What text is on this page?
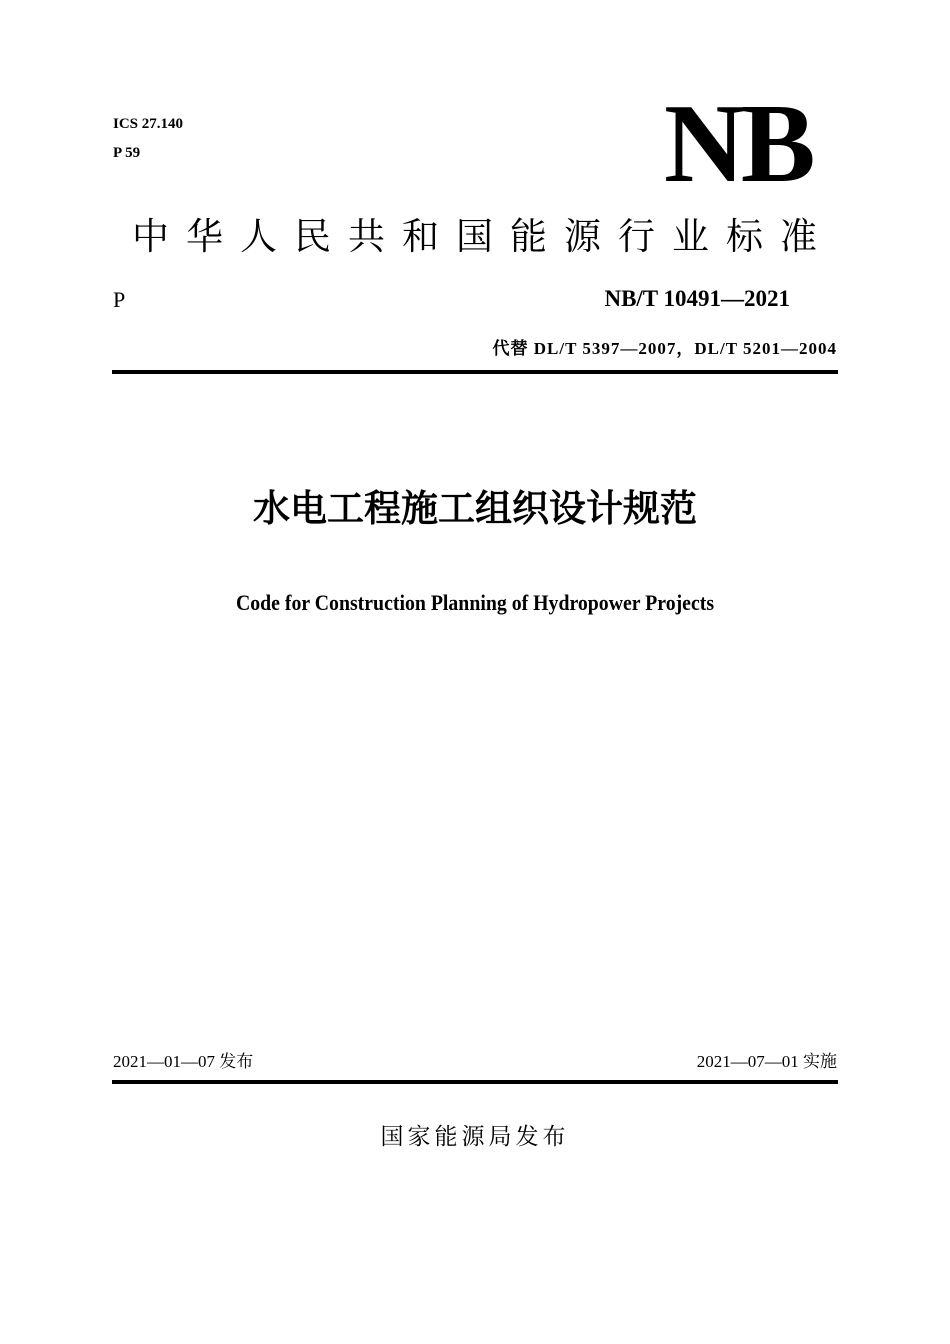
ICS 27.140
P 59	NB
中华人民共和国能源行业标准
P	NB/T 10491—2021
代替 DL/T 5397—2007，DL/T 5201—2004
水电工程施工组织设计规范
Code for Construction Planning of Hydropower Projects
2021—01—07 发布	2021—07—01 实施
国家能源局发布
